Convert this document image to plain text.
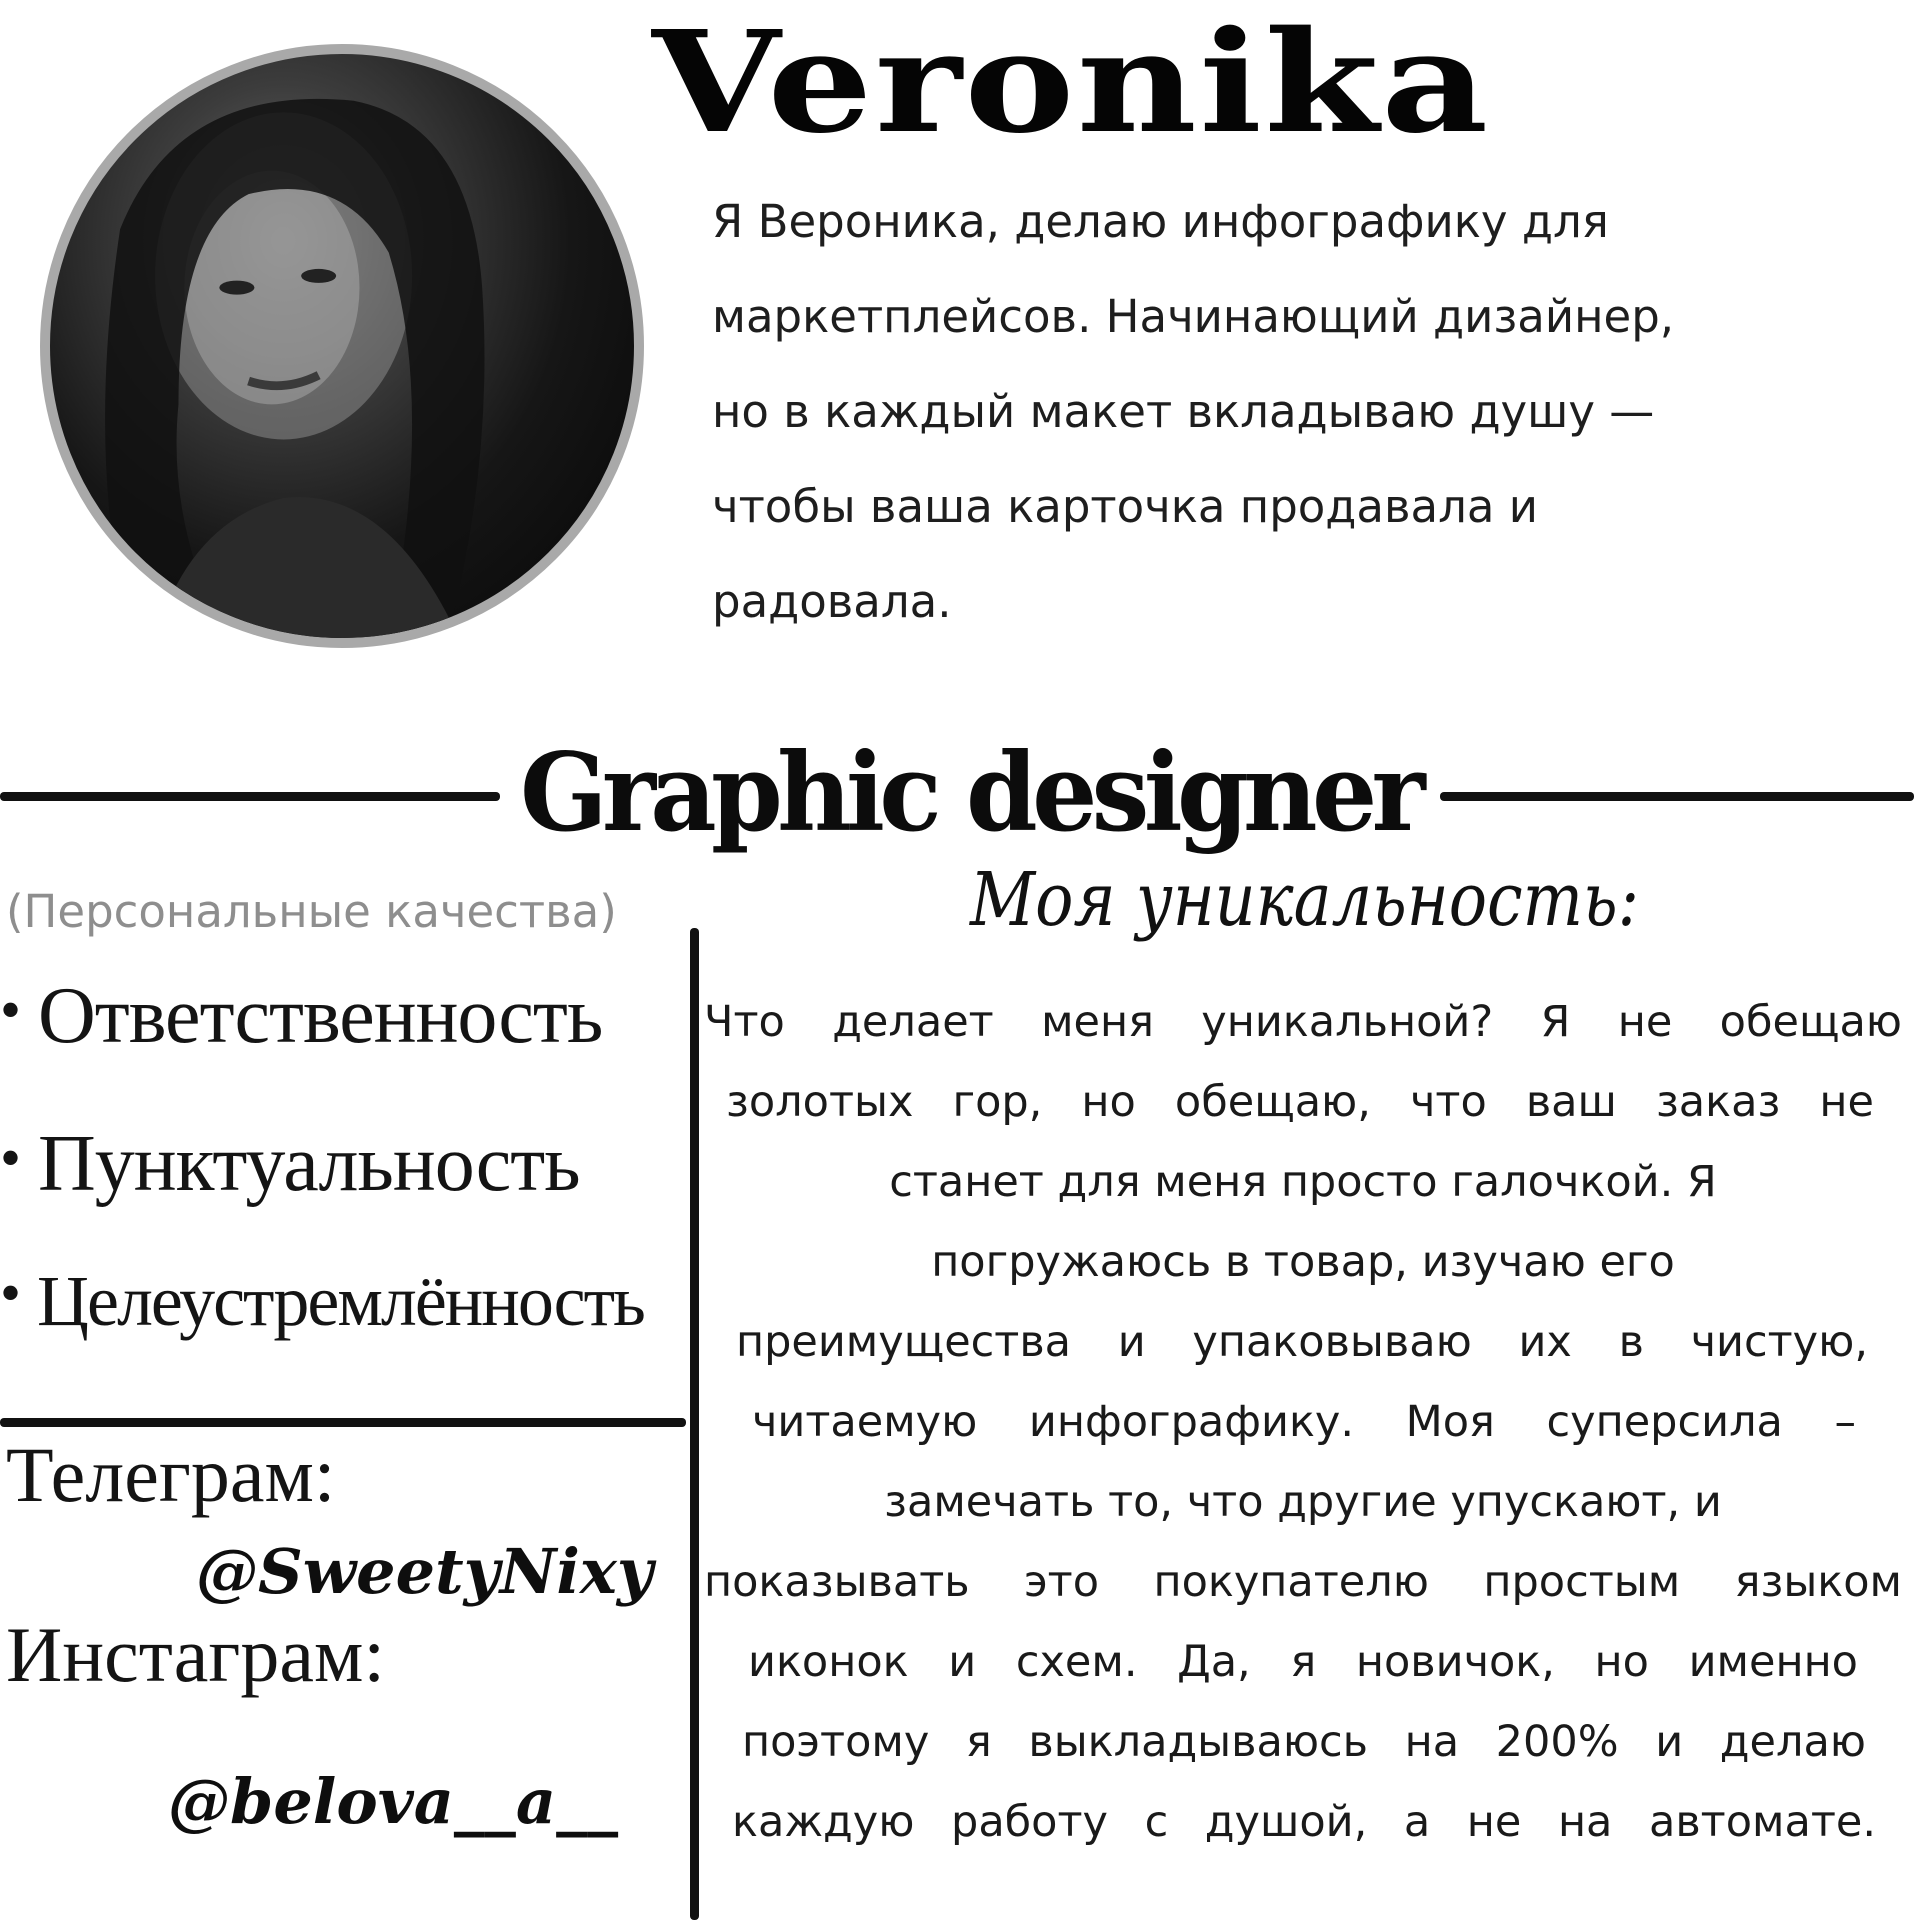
Veronika
Я Вероника, делаю инфографику для
маркетплейсов. Начинающий дизайнер,
но в каждый макет вкладываю душу —
чтобы ваша карточка продавала и
радовала.
Graphic designer
Моя уникальность:
(Персональные качества)
• Ответственность
• Пунктуальность
• Целеустремлённость
Телеграм:
@SweetyNixy
Инстаграм:
@belova__a__
Что делает меня уникальной? Я не обещаю
золотых гор, но обещаю, что ваш заказ не
станет для меня просто галочкой. Я
погружаюсь в товар, изучаю его
преимущества и упаковываю их в чистую,
читаемую инфографику. Моя суперсила –
замечать то, что другие упускают, и
показывать это покупателю простым языком
иконок и схем. Да, я новичок, но именно
поэтому я выкладываюсь на 200% и делаю
каждую работу с душой, а не на автомате.
